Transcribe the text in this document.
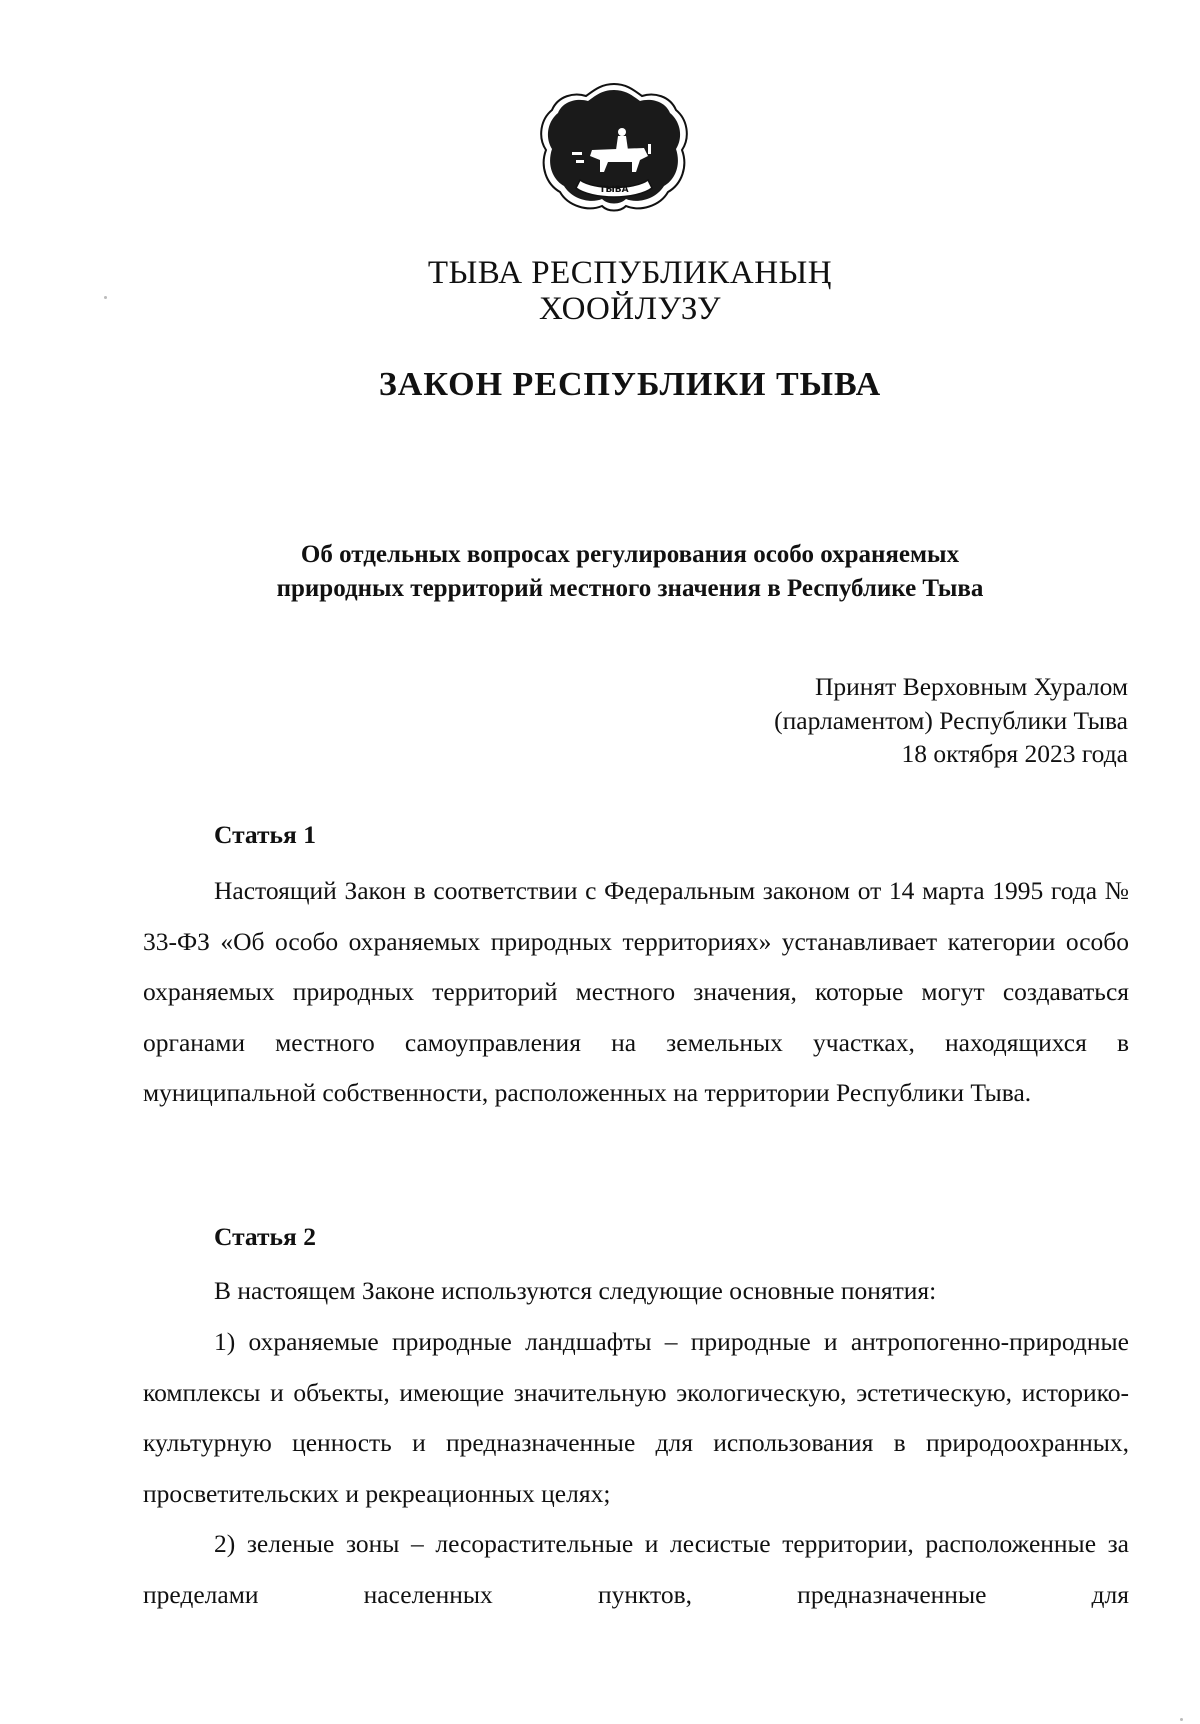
ТЫВА
ТЫВА РЕСПУБЛИКАНЫҢ
ХООЙЛУЗУ
ЗАКОН РЕСПУБЛИКИ ТЫВА
Об отдельных вопросах регулирования особо охраняемых
природных территорий местного значения в Республике Тыва
Принят Верховным Хуралом
(парламентом) Республики Тыва
18 октября 2023 года
Статья 1

Настоящий Закон в соответствии с Федеральным законом от 14 марта 1995 года № 33-ФЗ «Об особо охраняемых природных территориях» устанавливает категории особо охраняемых природных территорий местного значения, которые могут создаваться органами местного самоуправления на земельных участках, находящихся в муниципальной собственности, расположенных на территории Республики Тыва.

Статья 2

В настоящем Законе используются следующие основные понятия:

1) охраняемые природные ландшафты – природные и антропогенно-природные комплексы и объекты, имеющие значительную экологическую, эстетическую, историко-культурную ценность и предназначенные для использования в природоохранных, просветительских и рекреационных целях;

2) зеленые зоны – лесорастительные и лесистые территории, расположенные за пределами населенных пунктов, предназначенные для
